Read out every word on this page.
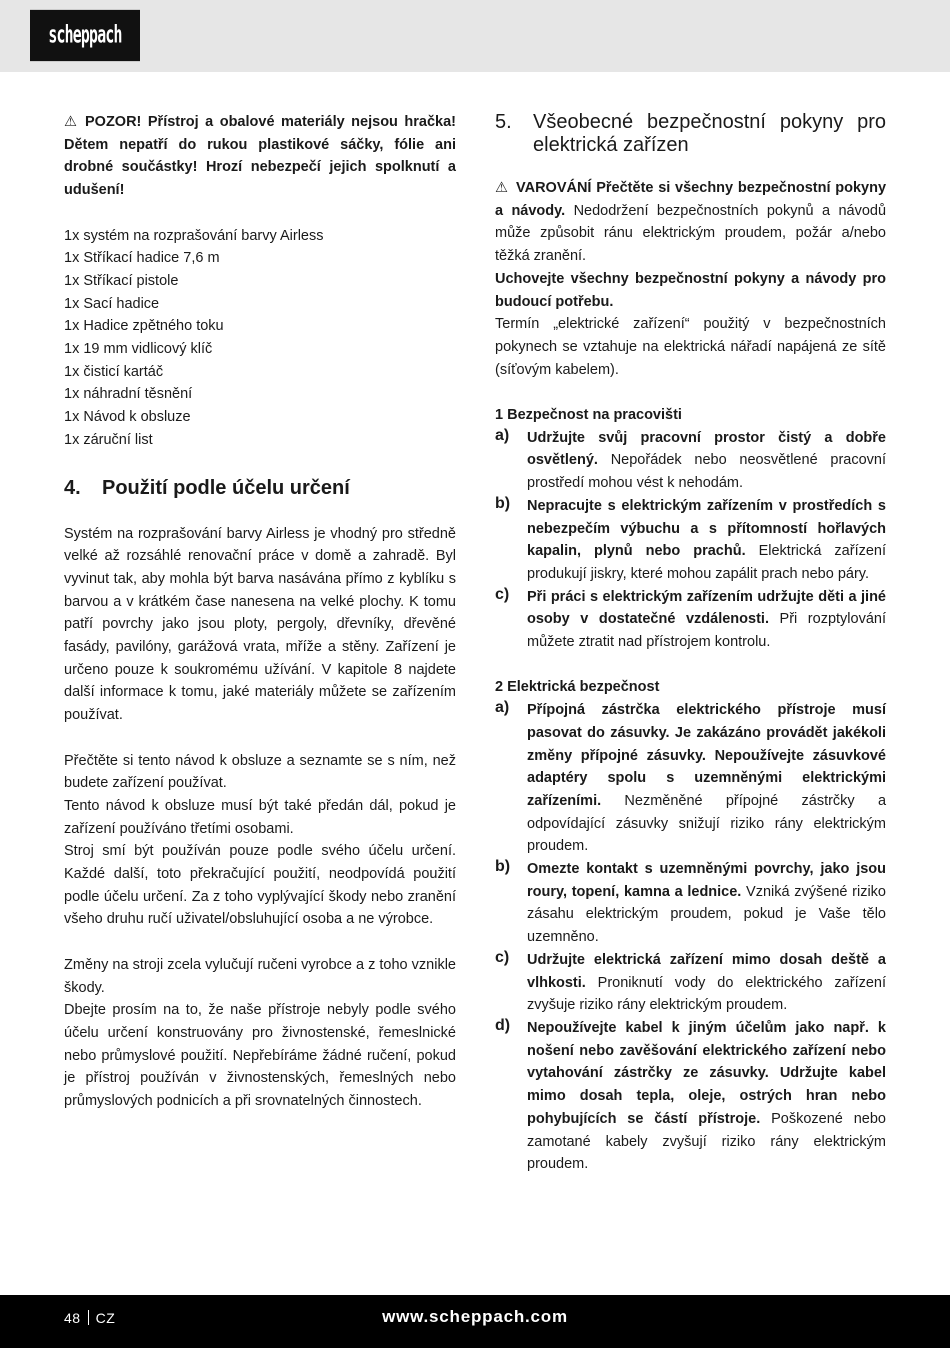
scheppach

⚠ POZOR! Přístroj a obalové materiály nejsou hračka! Dětem nepatří do rukou plastikové sáčky, fólie ani drobné součástky! Hrozí nebezpečí jejich spolknutí a udušení!

1x systém na rozprašování barvy Airless

1x Stříkací hadice 7,6 m

1x Stříkací pistole

1x Sací hadice

1x Hadice zpětného toku

1x 19 mm vidlicový klíč

1x čisticí kartáč

1x náhradní těsnění

1x Návod k obsluze

1x záruční list

4.	Použití podle účelu určení

Systém na rozprašování barvy Airless je vhodný pro středně velké až rozsáhlé renovační práce v domě a zahradě. Byl vyvinut tak, aby mohla být barva nasávána přímo z kyblíku s barvou a v krátkém čase nanesena na velké plochy. K tomu patří povrchy jako jsou ploty, pergoly, dřevníky, dřevěné fasády, pavilóny, garážová vrata, mříže a stěny. Zařízení je určeno pouze k soukromému užívání. V kapitole 8 najdete další informace k tomu, jaké materiály můžete se zařízením používat.

Přečtěte si tento návod k obsluze a seznamte se s ním, než budete zařízení používat.

Tento návod k obsluze musí být také předán dál, pokud je zařízení používáno třetími osobami.

Stroj smí být používán pouze podle svého účelu určení. Každé další, toto překračující použití, neodpovídá použití podle účelu určení. Za z toho vyplývající škody nebo zranění všeho druhu ručí uživatel/obsluhující osoba a ne výrobce.

Změny na stroji zcela vylučují ručeni vyrobce a z toho vznikle škody.

Dbejte prosím na to, že naše přístroje nebyly podle svého účelu určení konstruovány pro živnostenské, řemeslnické nebo průmyslové použití. Nepřebíráme žádné ručení, pokud je přístroj používán v živnostenských, řemeslných nebo průmyslových podnicích a při srovnatelných činnostech.

5.	Všeobecné bezpečnostní pokyny pro elektrická zařízen

⚠ VAROVÁNÍ Přečtěte si všechny bezpečnostní pokyny a návody. Nedodržení bezpečnostních pokynů a návodů může způsobit ránu elektrickým proudem, požár a/nebo těžká zranění.

Uchovejte všechny bezpečnostní pokyny a návody pro budoucí potřebu.

Termín „elektrické zařízení“ použitý v bezpečnostních pokynech se vztahuje na elektrická nářadí napájená ze sítě (síťovým kabelem).

1 Bezpečnost na pracovišti

a)	Udržujte svůj pracovní prostor čistý a dobře osvětlený. Nepořádek nebo neosvětlené pracovní prostředí mohou vést k nehodám.

b)	Nepracujte s elektrickým zařízením v prostředích s nebezpečím výbuchu a s přítomností hořlavých kapalin, plynů nebo prachů. Elektrická zařízení produkují jiskry, které mohou zapálit prach nebo páry.

c)	Při práci s elektrickým zařízením udržujte děti a jiné osoby v dostatečné vzdálenosti. Při rozptylování můžete ztratit nad přístrojem kontrolu.

2 Elektrická bezpečnost

a)	Přípojná zástrčka elektrického přístroje musí pasovat do zásuvky. Je zakázáno provádět jakékoli změny přípojné zásuvky. Nepoužívejte zásuvkové adaptéry spolu s uzemněnými elektrickými zařízeními. Nezměněné přípojné zástrčky a odpovídající zásuvky snižují riziko rány elektrickým proudem.

b)	Omezte kontakt s uzemněnými povrchy, jako jsou roury, topení, kamna a lednice. Vzniká zvýšené riziko zásahu elektrickým proudem, pokud je Vaše tělo uzemněno.

c)	Udržujte elektrická zařízení mimo dosah deště a vlhkosti. Proniknutí vody do elektrického zařízení zvyšuje riziko rány elektrickým proudem.

d)	Nepoužívejte kabel k jiným účelům jako např. k nošení nebo zavěšování elektrického zařízení nebo vytahování zástrčky ze zásuvky. Udržujte kabel mimo dosah tepla, oleje, ostrých hran nebo pohybujících se částí přístroje. Poškozené nebo zamotané kabely zvyšují riziko rány elektrickým proudem.

48 CZ	www.scheppach.com
